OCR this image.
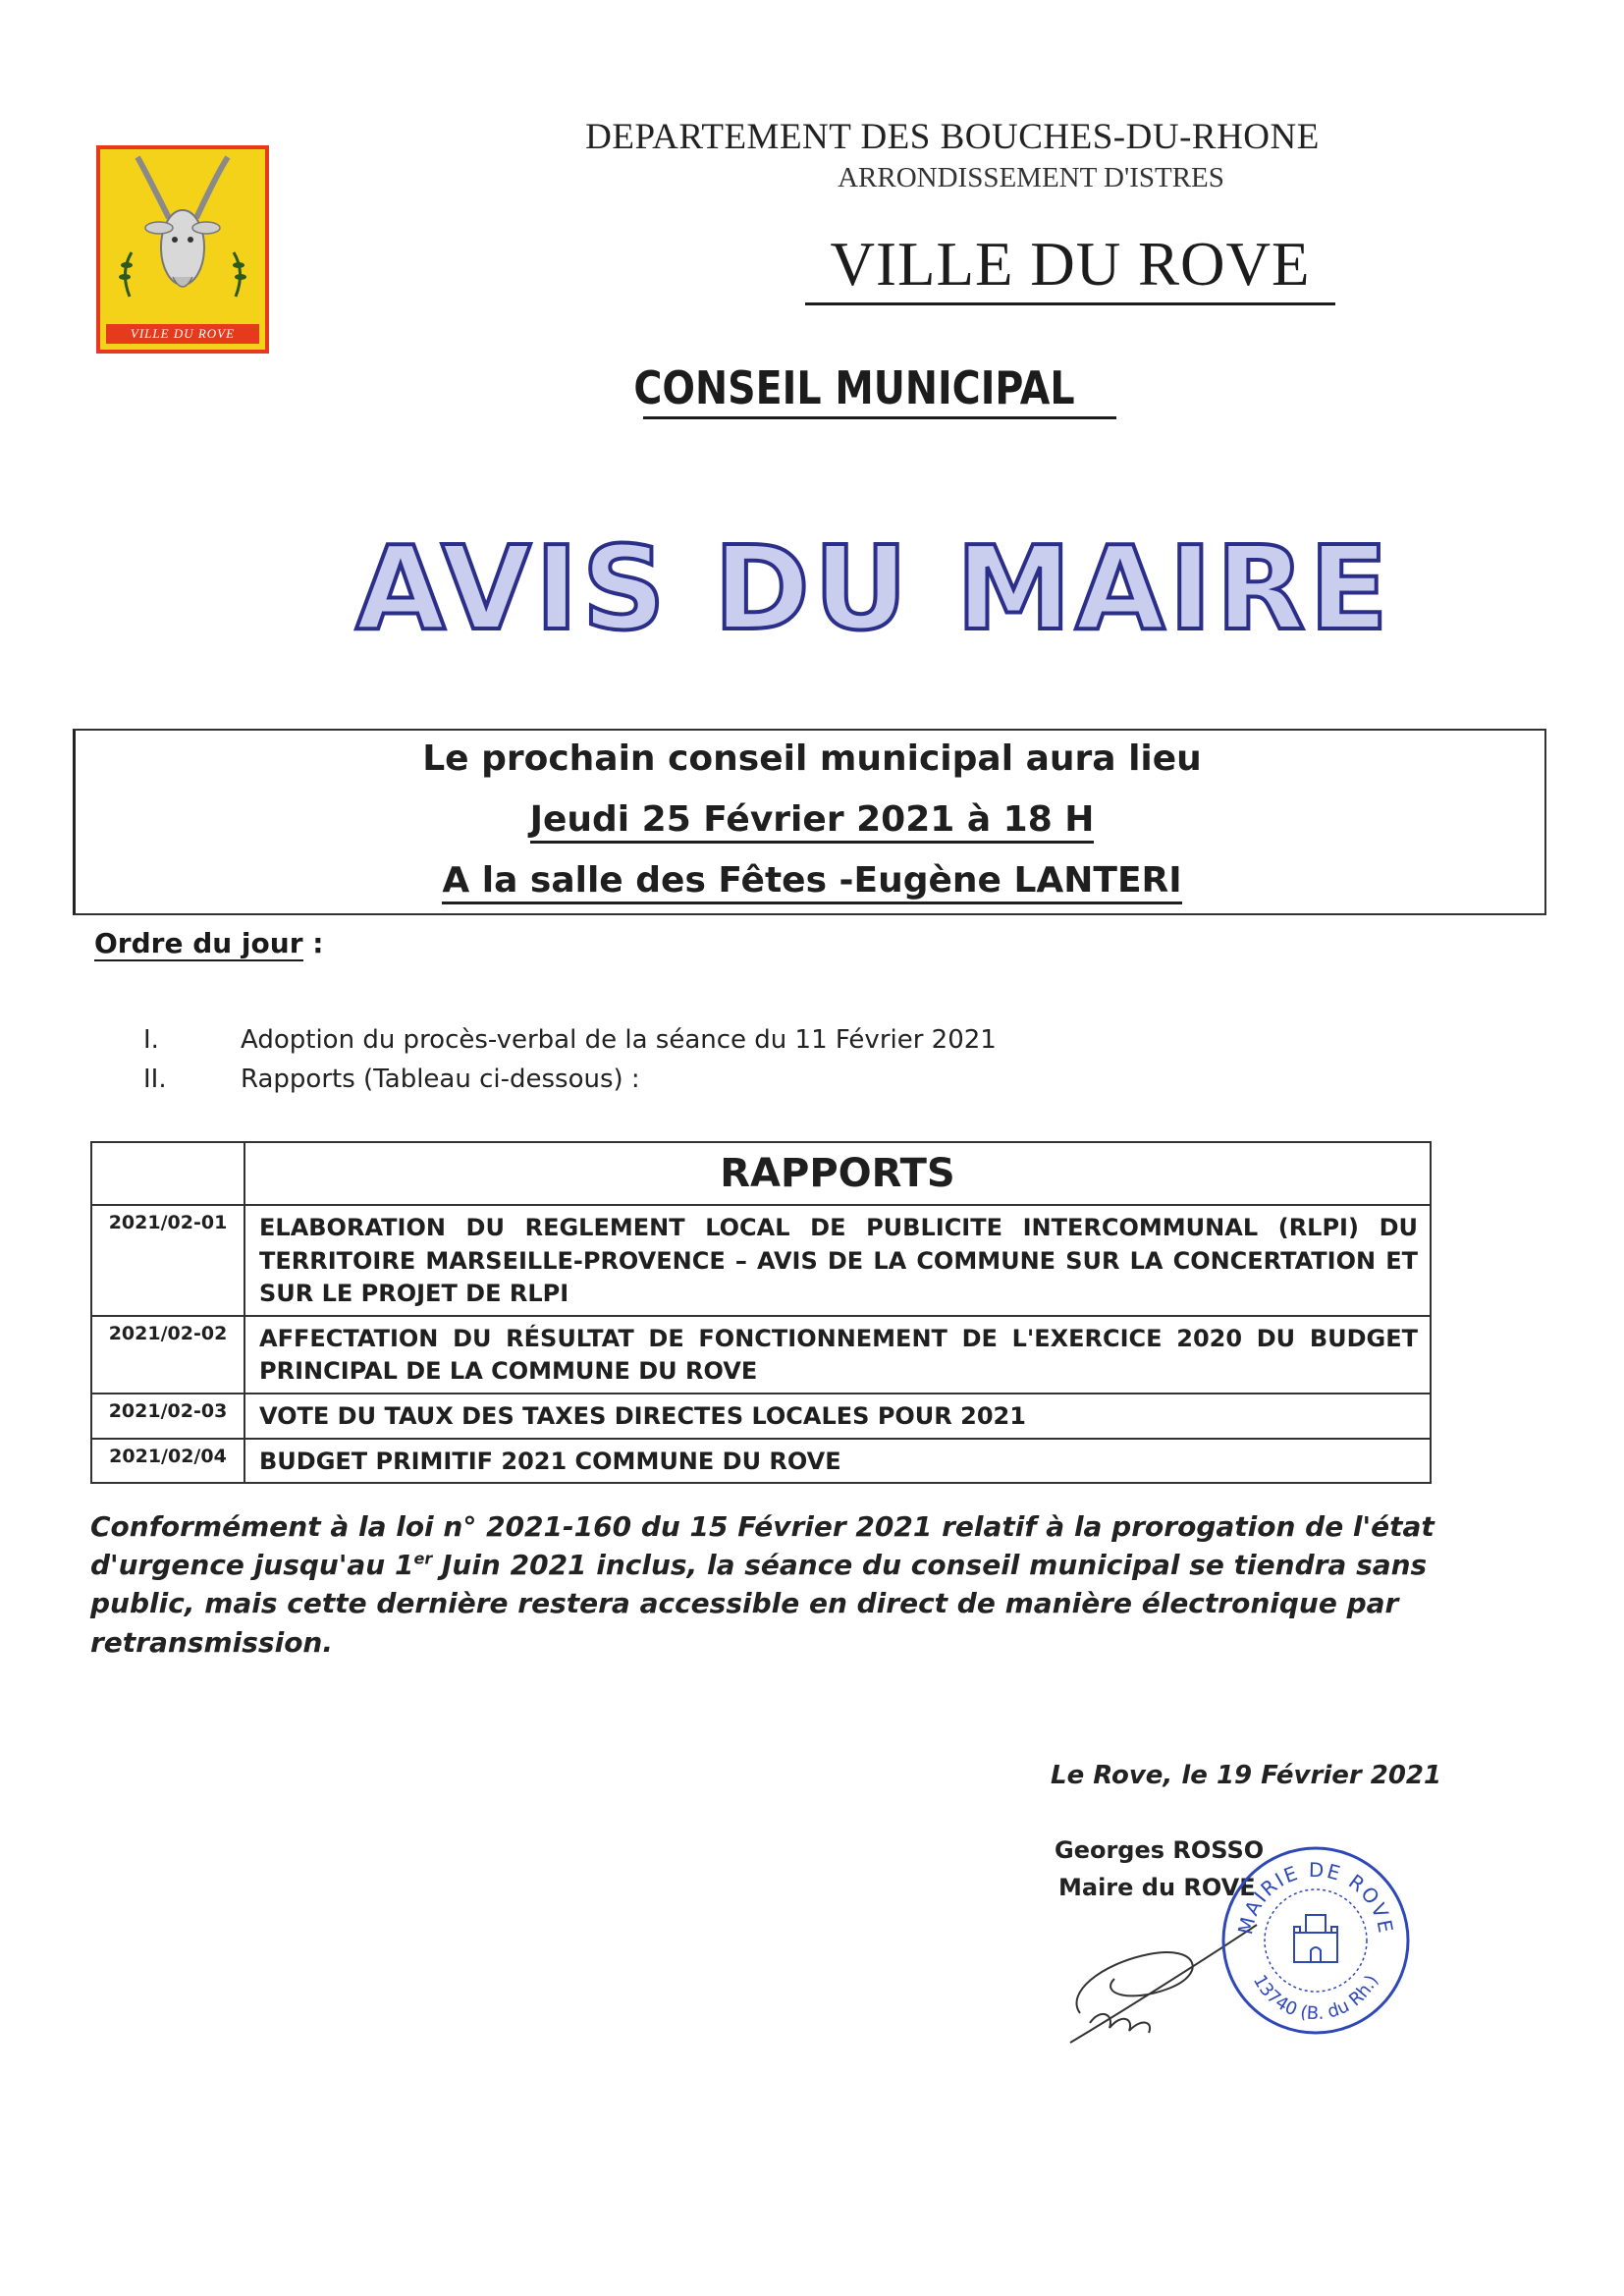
VILLE DU ROVE
DEPARTEMENT DES BOUCHES-DU-RHONE
ARRONDISSEMENT D'ISTRES
VILLE DU ROVE
CONSEIL MUNICIPAL
AVIS DU MAIRE
Le prochain conseil municipal aura lieu
Jeudi 25 Février 2021 à 18 H
A la salle des Fêtes -Eugène LANTERI
Ordre du jour :
I.	Adoption du procès-verbal de la séance du 11 Février 2021
II.	Rapports (Tableau ci-dessous) :
	RAPPORTS
2021/02-01	ELABORATION DU REGLEMENT LOCAL DE PUBLICITE INTERCOMMUNAL (RLPI) DU TERRITOIRE MARSEILLE-PROVENCE – AVIS DE LA COMMUNE SUR LA CONCERTATION ET SUR LE PROJET DE RLPI
2021/02-02	AFFECTATION DU RÉSULTAT DE FONCTIONNEMENT DE L'EXERCICE 2020 DU BUDGET PRINCIPAL DE LA COMMUNE DU ROVE
2021/02-03	VOTE DU TAUX DES TAXES DIRECTES LOCALES POUR 2021
2021/02/04	BUDGET PRIMITIF 2021 COMMUNE DU ROVE
Conformément à la loi n° 2021-160 du 15 Février 2021 relatif à la prorogation de l'état d'urgence jusqu'au 1er Juin 2021 inclus, la séance du conseil municipal se tiendra sans public, mais cette dernière restera accessible en direct de manière électronique par retransmission.
Le Rove, le 19 Février 2021
Georges ROSSO
Maire du ROVE
MAIRIE DE ROVE
13740 (B. du Rh.)
